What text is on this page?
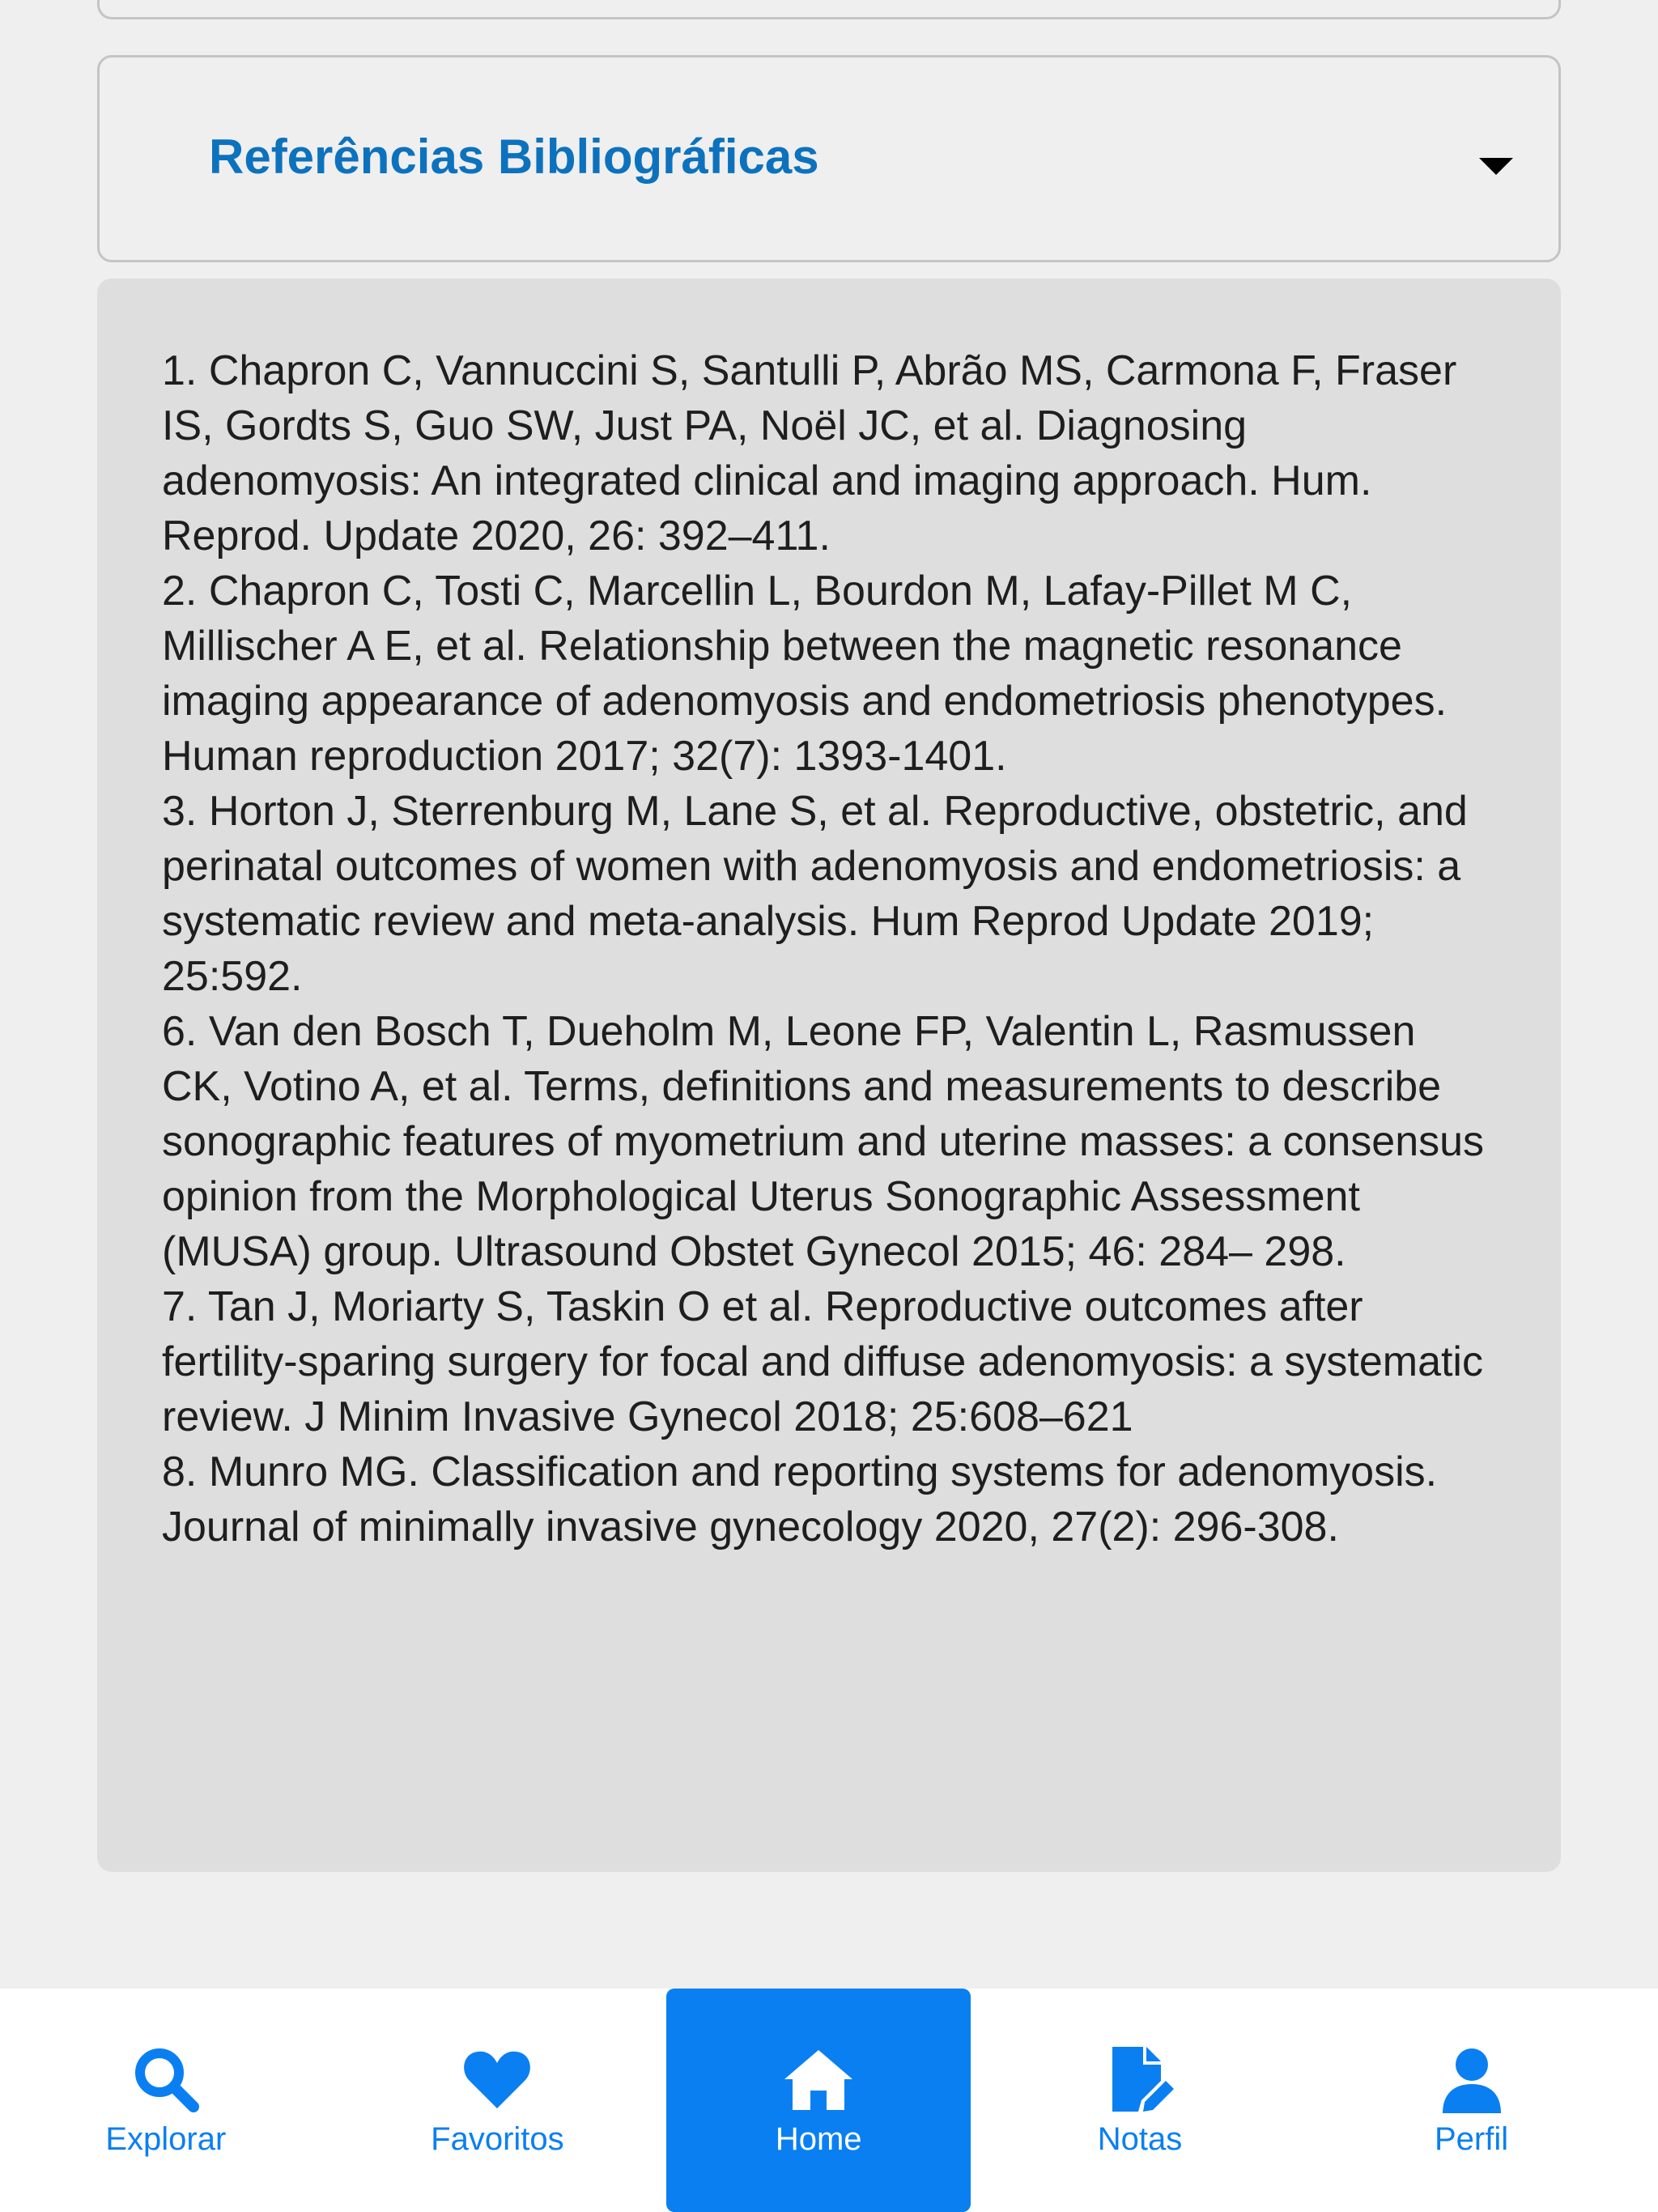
Referências Bibliográficas
1. Chapron C, Vannuccini S, Santulli P, Abrão MS, Carmona F, Fraser IS, Gordts S, Guo SW, Just PA, Noël JC, et al. Diagnosing adenomyosis: An integrated clinical and imaging approach. Hum. Reprod. Update 2020, 26: 392–411.
2. Chapron C, Tosti C, Marcellin L, Bourdon M, Lafay-Pillet M C, Millischer A E, et al. Relationship between the magnetic resonance imaging appearance of adenomyosis and endometriosis phenotypes. Human reproduction 2017; 32(7): 1393-1401.
3. Horton J, Sterrenburg M, Lane S, et al. Reproductive, obstetric, and perinatal outcomes of women with adenomyosis and endometriosis: a systematic review and meta-analysis. Hum Reprod Update 2019; 25:592.
6. Van den Bosch T, Dueholm M, Leone FP, Valentin L, Rasmussen CK, Votino A, et al. Terms, definitions and measurements to describe sonographic features of myometrium and uterine masses: a consensus opinion from the Morphological Uterus Sonographic Assessment (MUSA) group. Ultrasound Obstet Gynecol 2015; 46: 284– 298.
7. Tan J, Moriarty S, Taskin O et al. Reproductive outcomes after fertility-sparing surgery for focal and diffuse adenomyosis: a systematic review. J Minim Invasive Gynecol 2018; 25:608–621
8. Munro MG. Classification and reporting systems for adenomyosis. Journal of minimally invasive gynecology 2020, 27(2): 296-308.
Explorar	Favoritos	Home	Notas	Perfil
